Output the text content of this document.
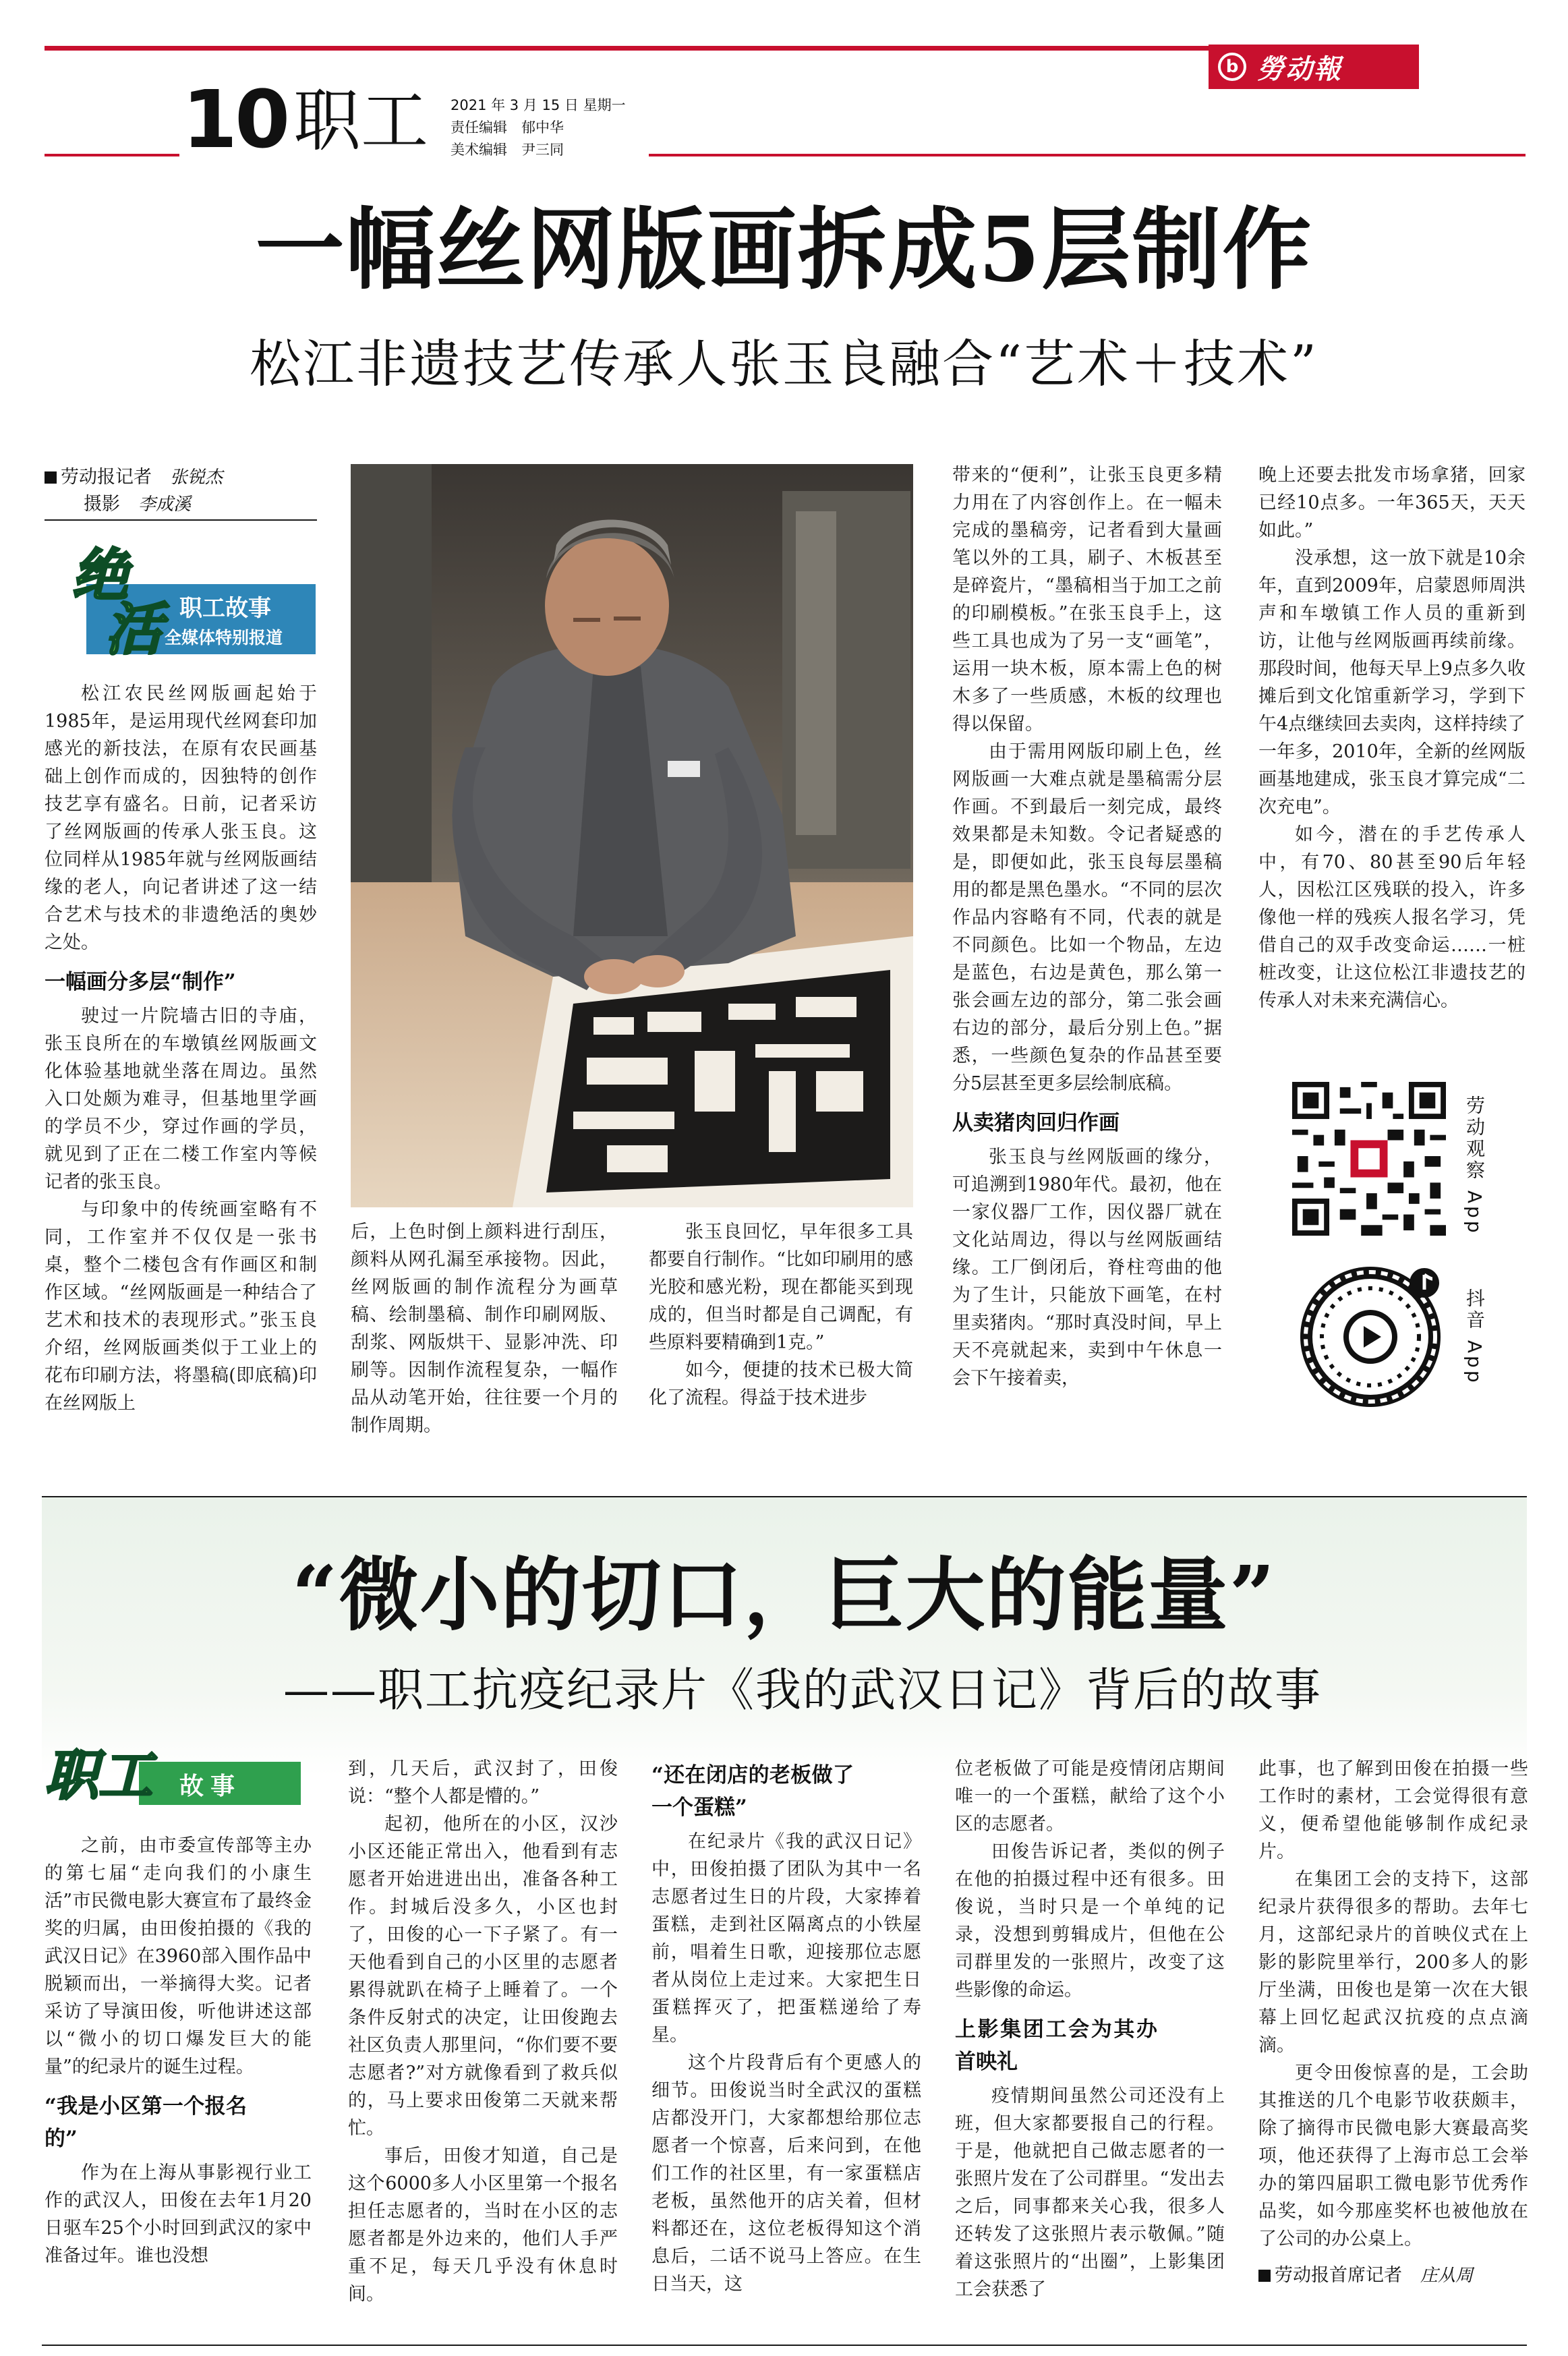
10 职工 2021 年 3 月 15 日 星期一
责任编辑　郁中华
美术编辑　尹三同
b 勞动報
一幅丝网版画拆成5层制作
松江非遗技艺传承人张玉良融合“艺术＋技术”
劳动报记者　 张锐杰
摄影　 李成溪
绝
活 职工故事
全媒体特别报道

松江农民丝网版画起始于1985年，是运用现代丝网套印加感光的新技法，在原有农民画基础上创作而成的，因独特的创作技艺享有盛名。日前，记者采访了丝网版画的传承人张玉良。这位同样从1985年就与丝网版画结缘的老人，向记者讲述了这一结合艺术与技术的非遗绝活的奥妙之处。

一幅画分多层“制作”

驶过一片院墙古旧的寺庙，张玉良所在的车墩镇丝网版画文化体验基地就坐落在周边。虽然入口处颇为难寻，但基地里学画的学员不少，穿过作画的学员，就见到了正在二楼工作室内等候记者的张玉良。

与印象中的传统画室略有不同，工作室并不仅仅是一张书桌，整个二楼包含有作画区和制作区域。“丝网版画是一种结合了艺术和技术的表现形式。”张玉良介绍，丝网版画类似于工业上的花布印刷方法，将墨稿(即底稿)印在丝网版上

后，上色时倒上颜料进行刮压，颜料从网孔漏至承接物。因此，丝网版画的制作流程分为画草稿、绘制墨稿、制作印刷网版、刮浆、网版烘干、显影冲洗、印刷等。因制作流程复杂，一幅作品从动笔开始，往往要一个月的制作周期。

张玉良回忆，早年很多工具都要自行制作。“比如印刷用的感光胶和感光粉，现在都能买到现成的，但当时都是自己调配，有些原料要精确到1克。”

如今，便捷的技术已极大简化了流程。得益于技术进步

带来的“便利”，让张玉良更多精力用在了内容创作上。在一幅未完成的墨稿旁，记者看到大量画笔以外的工具，刷子、木板甚至是碎瓷片，“墨稿相当于加工之前的印刷模板。”在张玉良手上，这些工具也成为了另一支“画笔”，运用一块木板，原本需上色的树木多了一些质感，木板的纹理也得以保留。

由于需用网版印刷上色，丝网版画一大难点就是墨稿需分层作画。不到最后一刻完成，最终效果都是未知数。令记者疑惑的是，即便如此，张玉良每层墨稿用的都是黑色墨水。“不同的层次作品内容略有不同，代表的就是不同颜色。比如一个物品，左边是蓝色，右边是黄色，那么第一张会画左边的部分，第二张会画右边的部分，最后分别上色。”据悉，一些颜色复杂的作品甚至要分5层甚至更多层绘制底稿。

从卖猪肉回归作画

张玉良与丝网版画的缘分，可追溯到1980年代。最初，他在一家仪器厂工作，因仪器厂就在文化站周边，得以与丝网版画结缘。工厂倒闭后，脊柱弯曲的他为了生计，只能放下画笔，在村里卖猪肉。“那时真没时间，早上天不亮就起来，卖到中午休息一会下午接着卖，

晚上还要去批发市场拿猪，回家已经10点多。一年365天，天天如此。”

没承想，这一放下就是10余年，直到2009年，启蒙恩师周洪声和车墩镇工作人员的重新到访，让他与丝网版画再续前缘。那段时间，他每天早上9点多久收摊后到文化馆重新学习，学到下午4点继续回去卖肉，这样持续了一年多，2010年，全新的丝网版画基地建成，张玉良才算完成“二次充电”。

如今，潜在的手艺传承人中，有70、80甚至90后年轻人，因松江区残联的投入，许多像他一样的残疾人报名学习，凭借自己的双手改变命运……一桩桩改变，让这位松江非遗技艺的传承人对未来充满信心。

劳动观察 App
抖音 App
“微小的切口，巨大的能量”
——职工抗疫纪录片《我的武汉日记》背后的故事
职工 故事

之前，由市委宣传部等主办的第七届“走向我们的小康生活”市民微电影大赛宣布了最终金奖的归属，由田俊拍摄的《我的武汉日记》在3960部入围作品中脱颖而出，一举摘得大奖。记者采访了导演田俊，听他讲述这部以“微小的切口爆发巨大的能量”的纪录片的诞生过程。

“我是小区第一个报名的”

作为在上海从事影视行业工作的武汉人，田俊在去年1月20日驱车25个小时回到武汉的家中准备过年。谁也没想

到，几天后，武汉封了，田俊说：“整个人都是懵的。”

起初，他所在的小区，汉沙小区还能正常出入，他看到有志愿者开始进进出出，准备各种工作。封城后没多久，小区也封了，田俊的心一下子紧了。有一天他看到自己的小区里的志愿者累得就趴在椅子上睡着了。一个条件反射式的决定，让田俊跑去社区负责人那里问，“你们要不要志愿者?”对方就像看到了救兵似的，马上要求田俊第二天就来帮忙。

事后，田俊才知道，自己是这个6000多人小区里第一个报名担任志愿者的，当时在小区的志愿者都是外边来的，他们人手严重不足，每天几乎没有休息时间。

“还在闭店的老板做了一个蛋糕”

在纪录片《我的武汉日记》中，田俊拍摄了团队为其中一名志愿者过生日的片段，大家捧着蛋糕，走到社区隔离点的小铁屋前，唱着生日歌，迎接那位志愿者从岗位上走过来。大家把生日蛋糕挥灭了，把蛋糕递给了寿星。

这个片段背后有个更感人的细节。田俊说当时全武汉的蛋糕店都没开门，大家都想给那位志愿者一个惊喜，后来问到，在他们工作的社区里，有一家蛋糕店老板，虽然他开的店关着，但材料都还在，这位老板得知这个消息后，二话不说马上答应。在生日当天，这

位老板做了可能是疫情闭店期间唯一的一个蛋糕，献给了这个小区的志愿者。

田俊告诉记者，类似的例子在他的拍摄过程中还有很多。田俊说，当时只是一个单纯的记录，没想到剪辑成片，但他在公司群里发的一张照片，改变了这些影像的命运。

上影集团工会为其办首映礼

疫情期间虽然公司还没有上班，但大家都要报自己的行程。于是，他就把自己做志愿者的一张照片发在了公司群里。“发出去之后，同事都来关心我，很多人还转发了这张照片表示敬佩。”随着这张照片的“出圈”，上影集团工会获悉了

此事，也了解到田俊在拍摄一些工作时的素材，工会觉得很有意义，便希望他能够制作成纪录片。

在集团工会的支持下，这部纪录片获得很多的帮助。去年七月，这部纪录片的首映仪式在上影的影院里举行，200多人的影厅坐满，田俊也是第一次在大银幕上回忆起武汉抗疫的点点滴滴。

更令田俊惊喜的是，工会助其推送的几个电影节收获颇丰，除了摘得市民微电影大赛最高奖项，他还获得了上海市总工会举办的第四届职工微电影节优秀作品奖，如今那座奖杯也被他放在了公司的办公桌上。

劳动报首席记者　 庄从周
